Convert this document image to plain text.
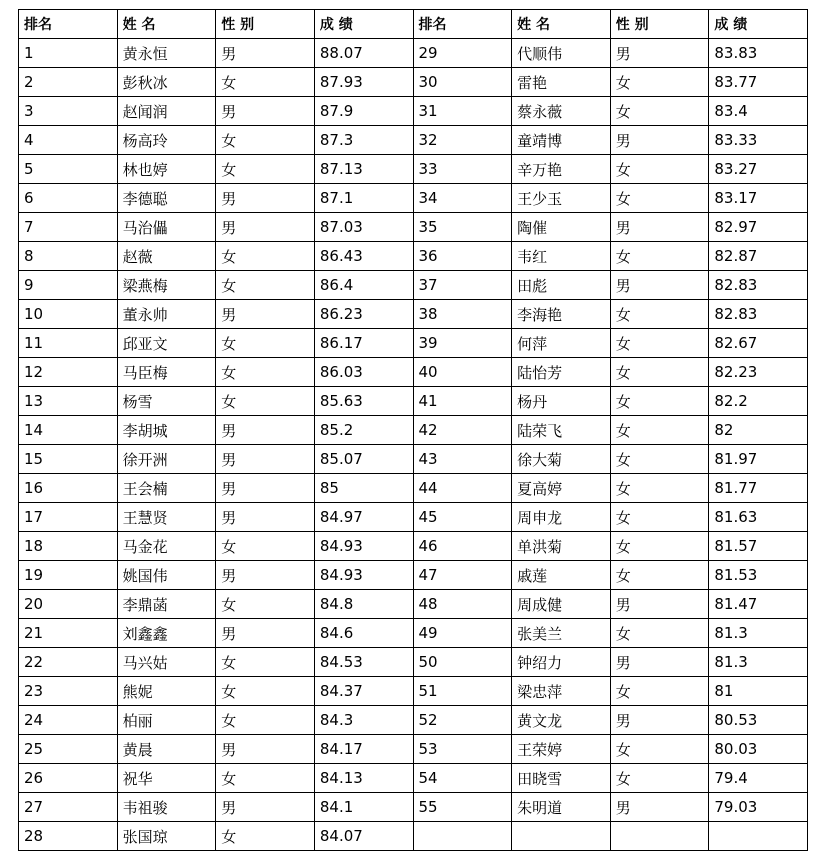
排名	姓 名	性 别	成 绩	排名	姓 名	性 别	成 绩
1	黄永恒	男	88.07	29	代顺伟	男	83.83
2	彭秋冰	女	87.93	30	雷艳	女	83.77
3	赵闻润	男	87.9	31	蔡永薇	女	83.4
4	杨高玲	女	87.3	32	童靖博	男	83.33
5	林也婷	女	87.13	33	辛万艳	女	83.27
6	李德聪	男	87.1	34	王少玉	女	83.17
7	马治儡	男	87.03	35	陶催	男	82.97
8	赵薇	女	86.43	36	韦红	女	82.87
9	梁燕梅	女	86.4	37	田彪	男	82.83
10	董永帅	男	86.23	38	李海艳	女	82.83
11	邱亚文	女	86.17	39	何萍	女	82.67
12	马臣梅	女	86.03	40	陆怡芳	女	82.23
13	杨雪	女	85.63	41	杨丹	女	82.2
14	李胡城	男	85.2	42	陆荣飞	女	82
15	徐开洲	男	85.07	43	徐大菊	女	81.97
16	王会楠	男	85	44	夏高婷	女	81.77
17	王慧贤	男	84.97	45	周申龙	女	81.63
18	马金花	女	84.93	46	单洪菊	女	81.57
19	姚国伟	男	84.93	47	戚莲	女	81.53
20	李鼎菡	女	84.8	48	周成健	男	81.47
21	刘鑫鑫	男	84.6	49	张美兰	女	81.3
22	马兴姑	女	84.53	50	钟绍力	男	81.3
23	熊妮	女	84.37	51	梁忠萍	女	81
24	柏丽	女	84.3	52	黄文龙	男	80.53
25	黄晨	男	84.17	53	王荣婷	女	80.03
26	祝华	女	84.13	54	田晓雪	女	79.4
27	韦祖骏	男	84.1	55	朱明道	男	79.03
28	张国琼	女	84.07				
